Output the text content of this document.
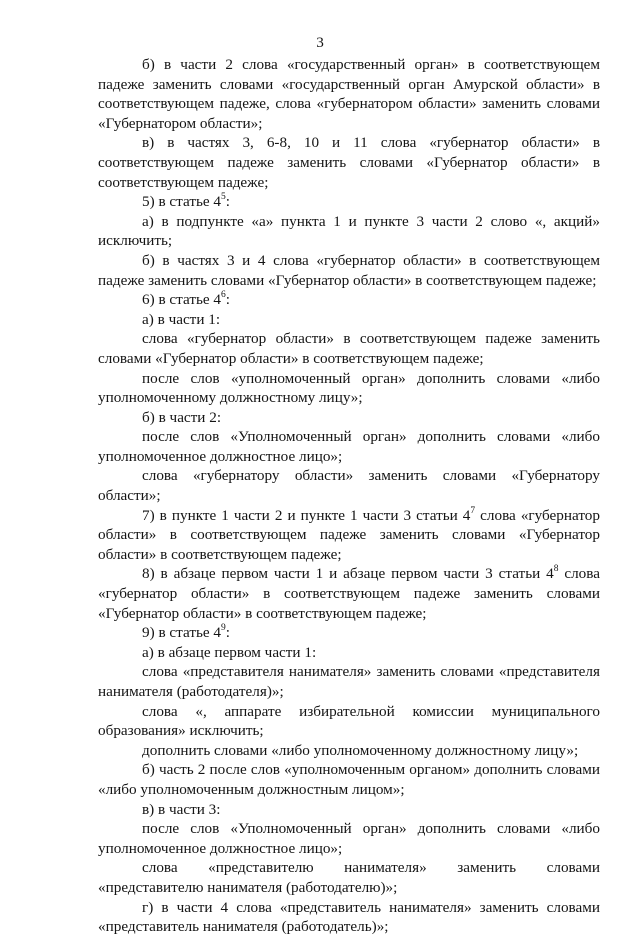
3

б) в части 2 слова «государственный орган» в соответствующем падеже заменить словами «государственный орган Амурской области» в соответствующем падеже, слова «губернатором области» заменить словами «Губернатором области»;

в) в частях 3, 6-8, 10 и 11 слова «губернатор области» в соответствующем падеже заменить словами «Губернатор области» в соответствующем падеже;

5) в статье $4^5$:

а) в подпункте «а» пункта 1 и пункте 3 части 2 слово «, акций» исключить;

б) в частях 3 и 4 слова «губернатор области» в соответствующем падеже заменить словами «Губернатор области» в соответствующем падеже;

6) в статье $4^6$:

а) в части 1:

слова «губернатор области» в соответствующем падеже заменить словами «Губернатор области» в соответствующем падеже;

после слов «уполномоченный орган» дополнить словами «либо уполномоченному должностному лицу»;

б) в части 2:

после слов «Уполномоченный орган» дополнить словами «либо уполномоченное должностное лицо»;

слова «губернатору области» заменить словами «Губернатору области»;

7) в пункте 1 части 2 и пункте 1 части 3 статьи $4^7$ слова «губернатор области» в соответствующем падеже заменить словами «Губернатор области» в соответствующем падеже;

8) в абзаце первом части 1 и абзаце первом части 3 статьи $4^8$ слова «губернатор области» в соответствующем падеже заменить словами «Губернатор области» в соответствующем падеже;

9) в статье $4^9$:

а) в абзаце первом части 1:

слова «представителя нанимателя» заменить словами «представителя нанимателя (работодателя)»;

слова «, аппарате избирательной комиссии муниципального образования» исключить;

дополнить словами «либо уполномоченному должностному лицу»;

б) часть 2 после слов «уполномоченным органом» дополнить словами «либо уполномоченным должностным лицом»;

в) в части 3:

после слов «Уполномоченный орган» дополнить словами «либо уполномоченное должностное лицо»;

слова «представителю нанимателя» заменить словами «представителю нанимателя (работодателю)»;

г) в части 4 слова «представитель нанимателя» заменить словами «представитель нанимателя (работодатель)»;
